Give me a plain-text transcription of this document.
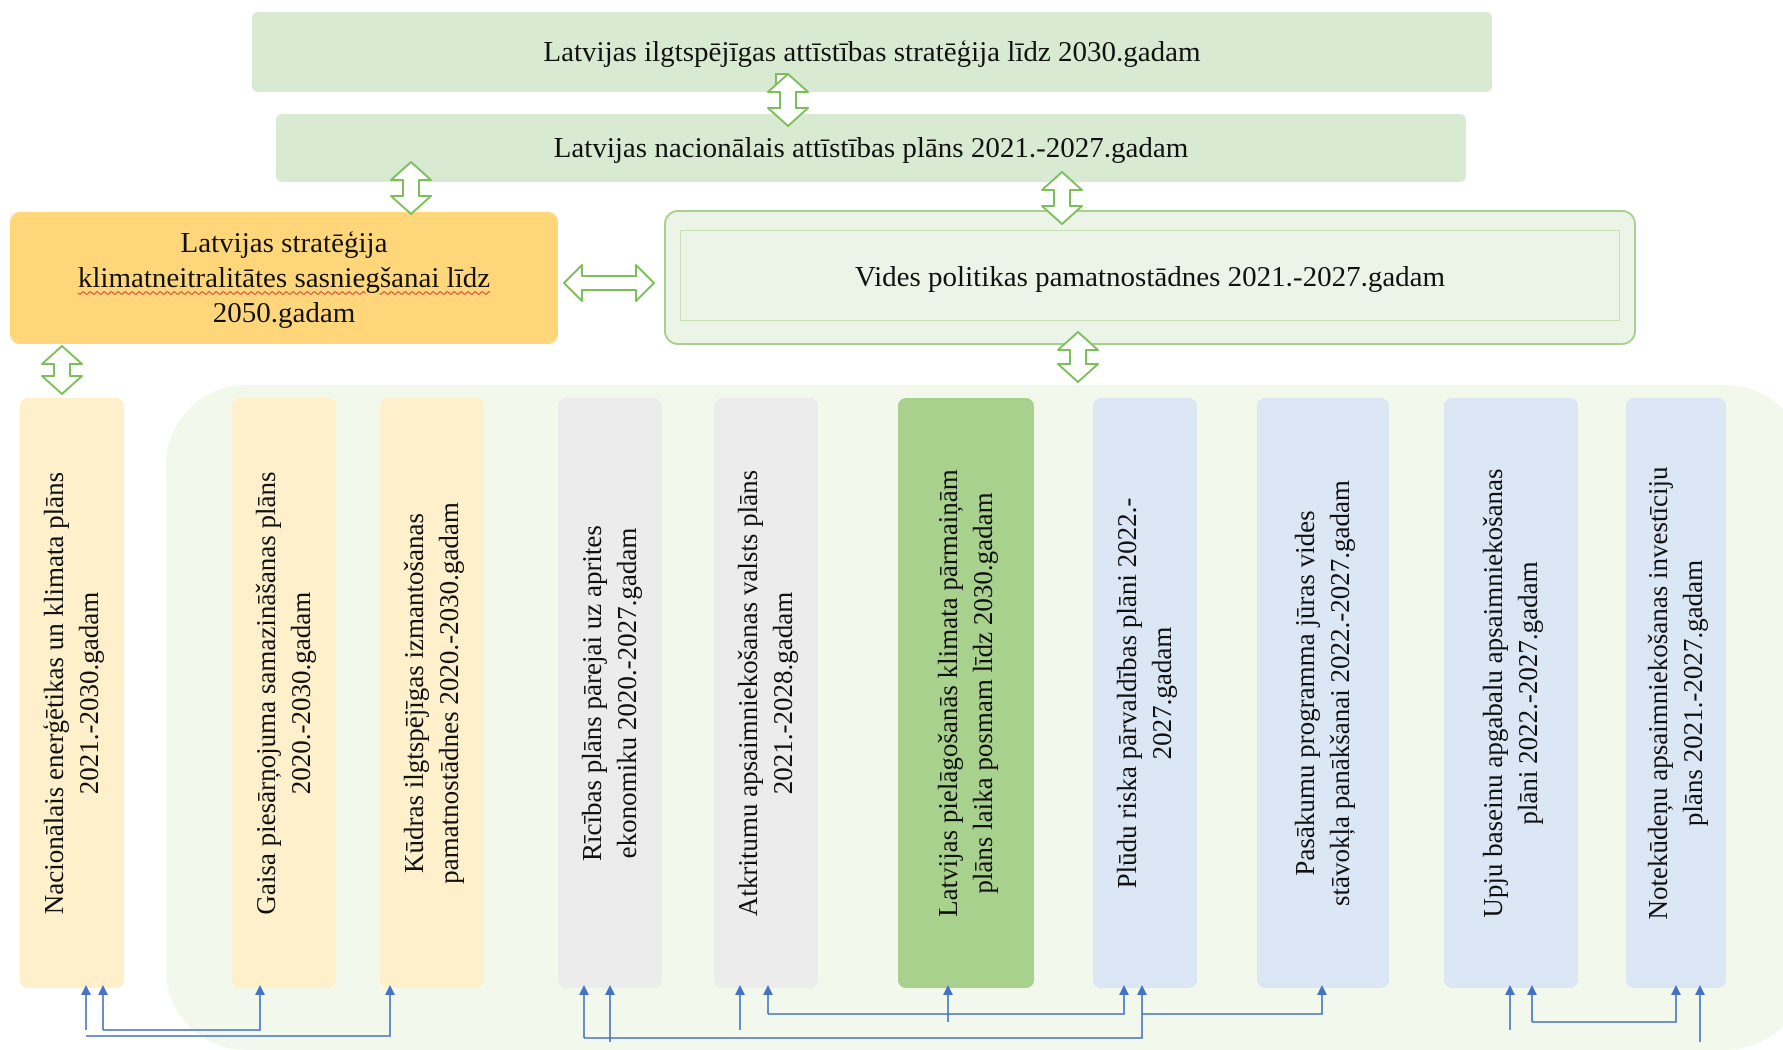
Latvijas ilgtspējīgas attīstības stratēģija līdz 2030.gadam
Latvijas nacionālais attīstības plāns 2021.-2027.gadam
Latvijas stratēģija
klimatneitralitātes sasniegšanai līdz
2050.gadam
Vides politikas pamatnostādnes 2021.-2027.gadam
Nacionālais enerģētikas un klimata plāns 2021.-2030.gadam	Gaisa piesārņojuma samazināšanas plāns 2020.-2030.gadam	Kūdras ilgtspējīgas izmantošanas pamatnostādnes 2020.-2030.gadam	Rīcības plāns pārejai uz aprites ekonomiku 2020.-2027.gadam	Atkritumu apsaimniekošanas valsts plāns 2021.-2028.gadam	Latvijas pielāgošanās klimata pārmaiņām plāns laika posmam līdz 2030.gadam	Plūdu riska pārvaldības plāni 2022.- 2027.gadam	Pasākumu programma jūras vides stāvokļa panākšanai 2022.-2027.gadam	Upju baseinu apgabalu apsaimniekošanas plāni 2022.-2027.gadam	Notekūdeņu apsaimniekošanas investīciju plāns 2021.-2027.gadam
